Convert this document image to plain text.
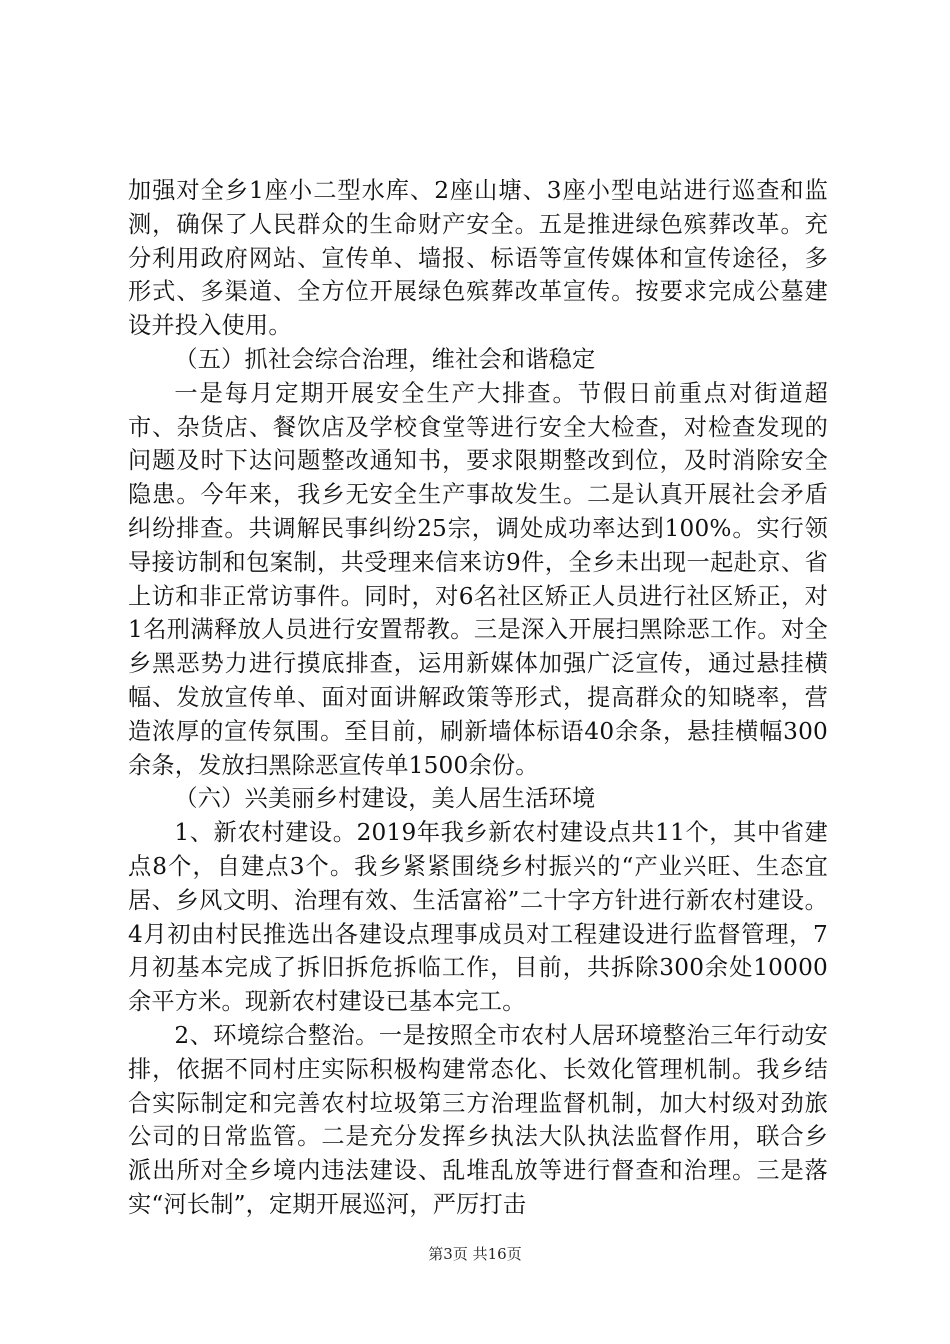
加强对全乡1座小二型水库、2座山塘、3座小型电站进行巡查和监测，确保了人民群众的生命财产安全。五是推进绿色殡葬改革。充分利用政府网站、宣传单、墙报、标语等宣传媒体和宣传途径，多形式、多渠道、全方位开展绿色殡葬改革宣传。按要求完成公墓建设并投入使用。

（五）抓社会综合治理，维社会和谐稳定

一是每月定期开展安全生产大排查。节假日前重点对街道超市、杂货店、餐饮店及学校食堂等进行安全大检查，对检查发现的问题及时下达问题整改通知书，要求限期整改到位，及时消除安全隐患。今年来，我乡无安全生产事故发生。二是认真开展社会矛盾纠纷排查。共调解民事纠纷25宗，调处成功率达到100%。实行领导接访制和包案制，共受理来信来访9件，全乡未出现一起赴京、省上访和非正常访事件。同时，对6名社区矫正人员进行社区矫正，对1名刑满释放人员进行安置帮教。三是深入开展扫黑除恶工作。对全乡黑恶势力进行摸底排查，运用新媒体加强广泛宣传，通过悬挂横幅、发放宣传单、面对面讲解政策等形式，提高群众的知晓率，营造浓厚的宣传氛围。至目前，刷新墙体标语40余条，悬挂横幅300余条，发放扫黑除恶宣传单1500余份。

（六）兴美丽乡村建设，美人居生活环境

1、新农村建设。2019年我乡新农村建设点共11个，其中省建点8个，自建点3个。我乡紧紧围绕乡村振兴的“产业兴旺、生态宜居、乡风文明、治理有效、生活富裕”二十字方针进行新农村建设。4月初由村民推选出各建设点理事成员对工程建设进行监督管理，7月初基本完成了拆旧拆危拆临工作，目前，共拆除300余处10000余平方米。现新农村建设已基本完工。

2、环境综合整治。一是按照全市农村人居环境整治三年行动安排，依据不同村庄实际积极构建常态化、长效化管理机制。我乡结合实际制定和完善农村垃圾第三方治理监督机制，加大村级对劲旅公司的日常监管。二是充分发挥乡执法大队执法监督作用，联合乡派出所对全乡境内违法建设、乱堆乱放等进行督查和治理。三是落实“河长制”，定期开展巡河，严厉打击

第3页 共16页
